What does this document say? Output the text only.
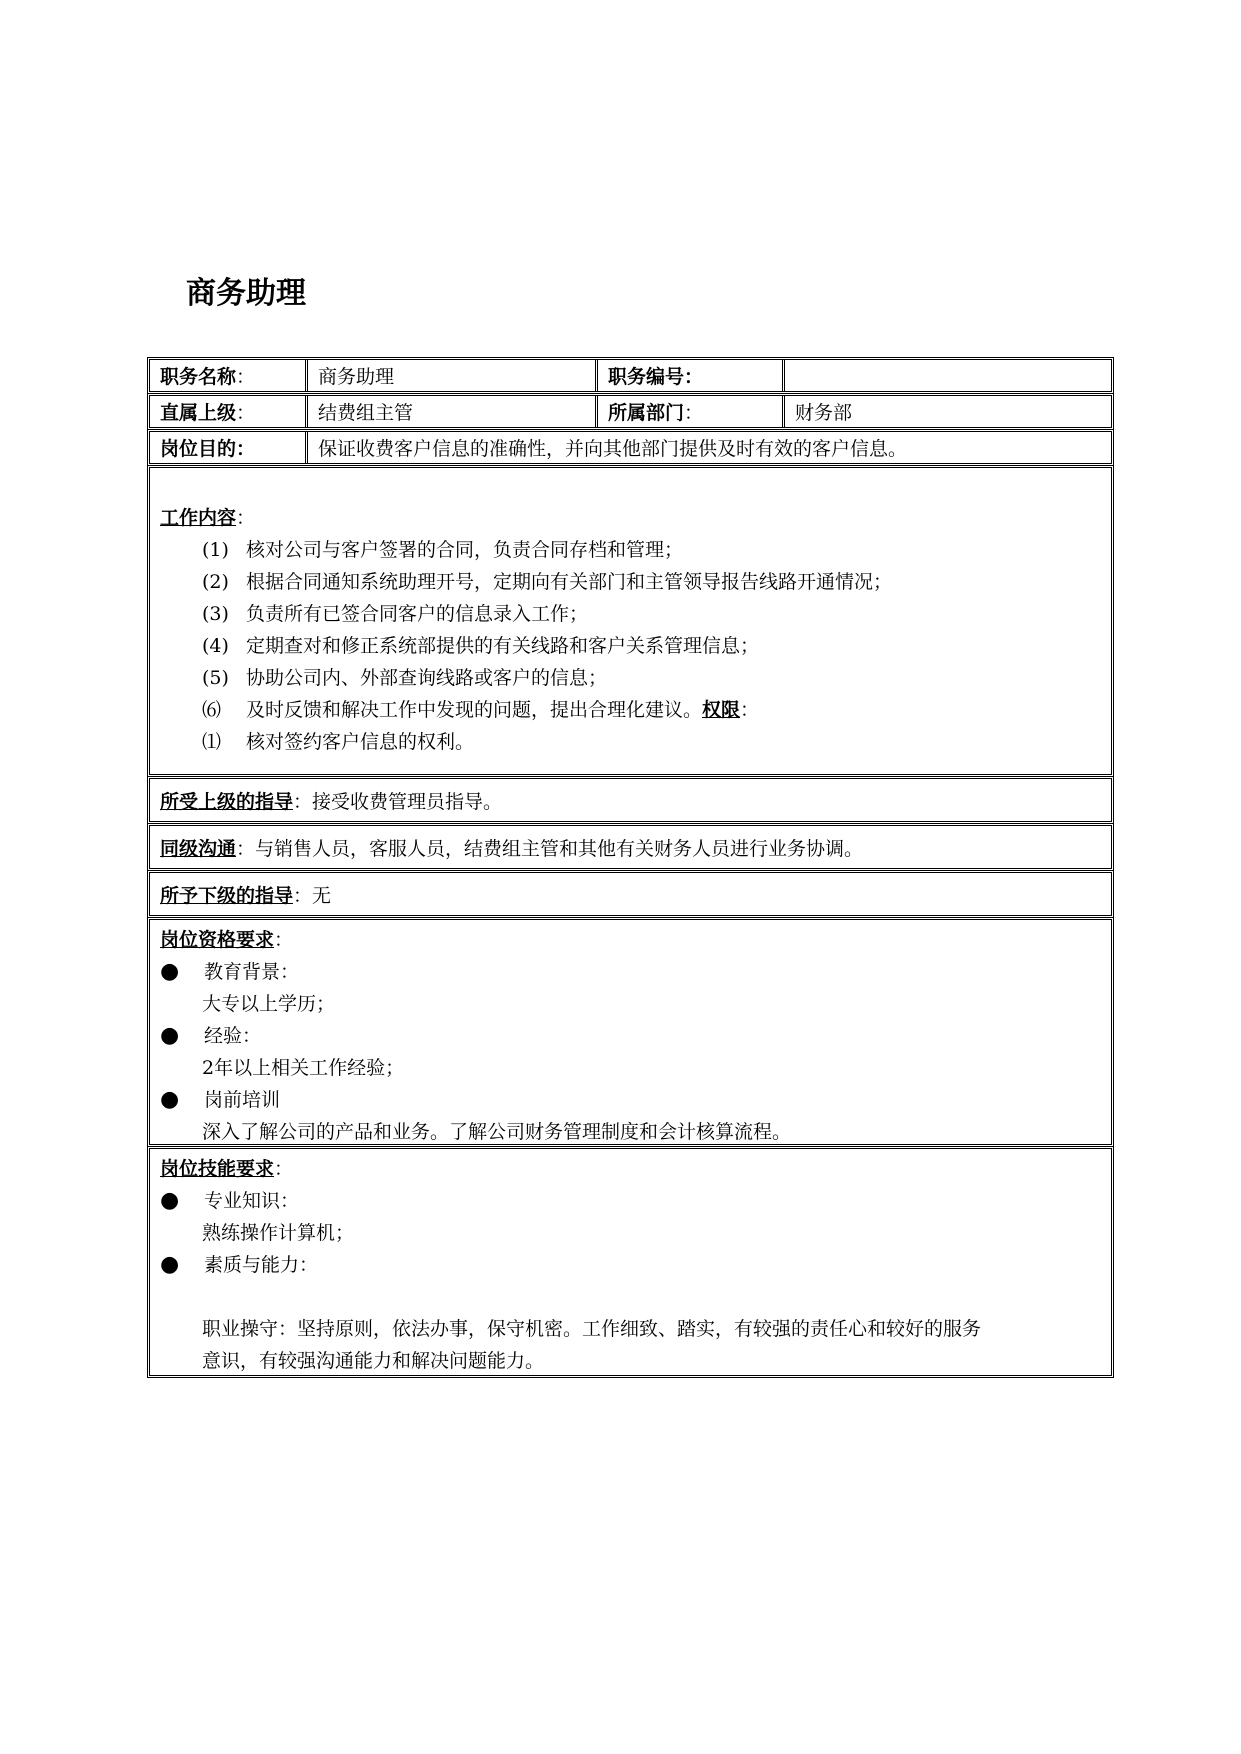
商务助理
职务名称 ：	商务助理	职务编号：
直属上级 ：	结费组主管	所属部门 ：	财务部
岗位目的：	保证收费客户信息的准确性，并向其他部门提供及时有效的客户信息。
工作内容：
(1) 核对公司与客户签署的合同，负责合同存档和管理；
(2) 根据合同通知系统助理开号，定期向有关部门和主管领导报告线路开通情况；
(3) 负责所有已签合同客户的信息录入工作；
(4) 定期查对和修正系统部提供的有关线路和客户关系管理信息；
(5) 协助公司内、外部查询线路或客户的信息；
⑹ 及时反馈和解决工作中发现的问题，提出合理化建议。权限：
⑴ 核对签约客户信息的权利。
所受上级的指导 ： 接受收费管理员指导。
同级沟通 ： 与销售人员，客服人员，结费组主管和其他有关财务人员进行业务协调。
所予下级的指导 ： 无
岗位资格要求：
● 教育背景：
大专以上学历；
● 经验：
2年以上相关工作经验；
● 岗前培训
深入了解公司的产品和业务。了解公司财务管理制度和会计核算流程。
岗位技能要求：
● 专业知识：
熟练操作计算机；
● 素质与能力：
职业操守：坚持原则，依法办事，保守机密。工作细致、踏实，有较强的责任心和较好的服务
意识，有较强沟通能力和解决问题能力。
